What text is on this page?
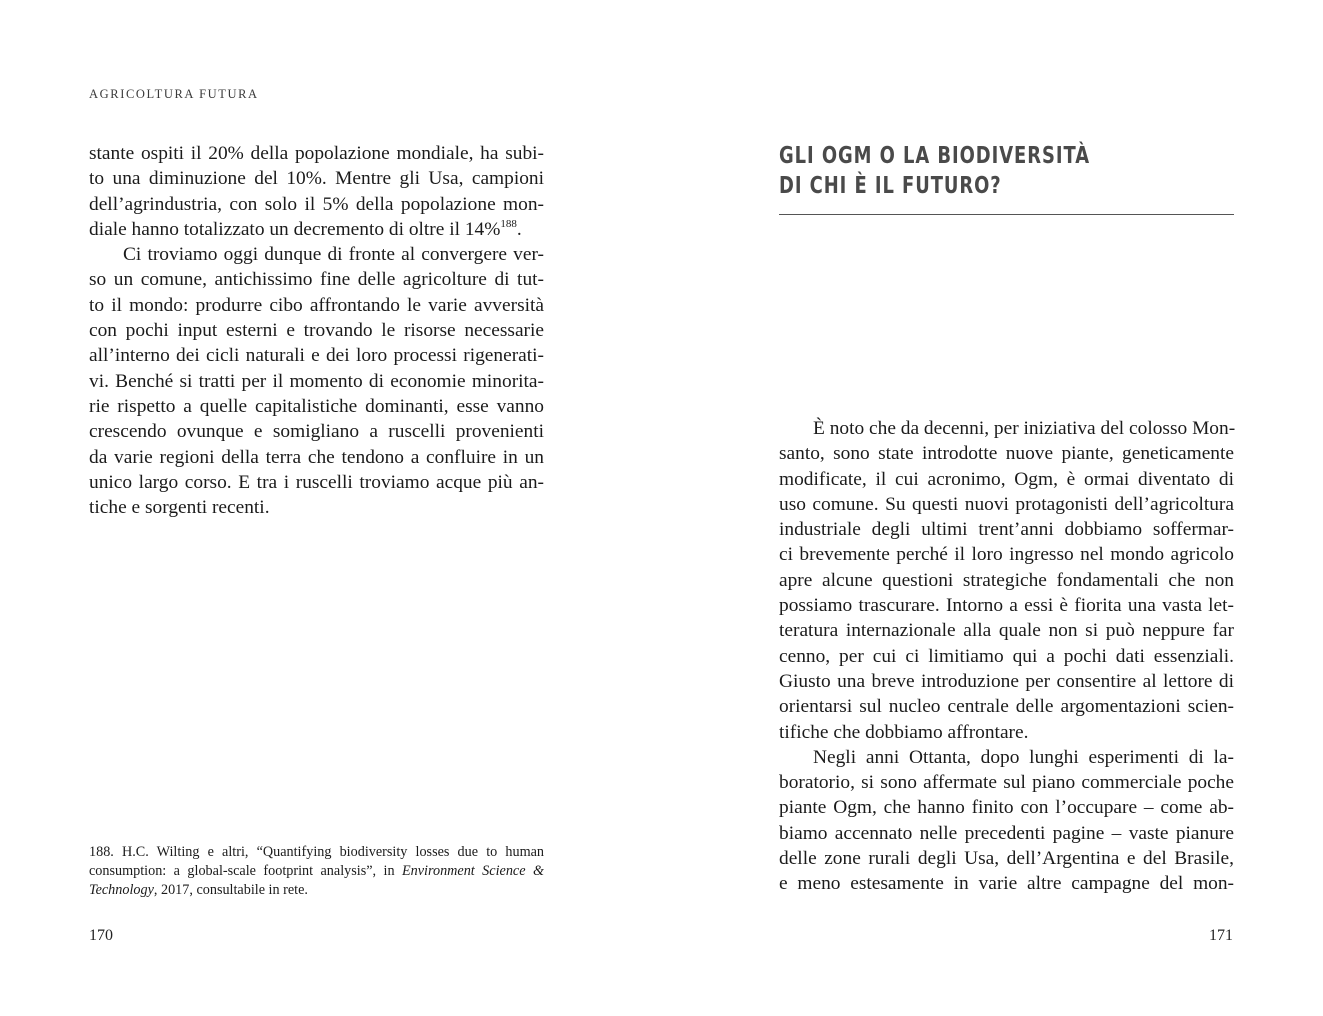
AGRICOLTURA FUTURA

stante ospiti il 20% della popolazione mondiale, ha subi-
to una diminuzione del 10%. Mentre gli Usa, campioni
dell’agrindustria, con solo il 5% della popolazione mon-
diale hanno totalizzato un decremento di oltre il 14%$^{188}$.

Ci troviamo oggi dunque di fronte al convergere ver-
so un comune, antichissimo fine delle agricolture di tut-
to il mondo: produrre cibo affrontando le varie avversità
con pochi input esterni e trovando le risorse necessarie
all’interno dei cicli naturali e dei loro processi rigenerati-
vi. Benché si tratti per il momento di economie minorita-
rie rispetto a quelle capitalistiche dominanti, esse vanno
crescendo ovunque e somigliano a ruscelli provenienti
da varie regioni della terra che tendono a confluire in un
unico largo corso. E tra i ruscelli troviamo acque più an-
tiche e sorgenti recenti.

188. H.C. Wilting e altri, “Quantifying biodiversity losses due to human
consumption: a global-scale footprint analysis”, in Environment Science &
Technology, 2017, consultabile in rete.
170
GLI OGM O LA BIODIVERSITÀ
DI CHI È IL FUTURO?

È noto che da decenni, per iniziativa del colosso Mon-
santo, sono state introdotte nuove piante, geneticamente
modificate, il cui acronimo, Ogm, è ormai diventato di
uso comune. Su questi nuovi protagonisti dell’agricoltura
industriale degli ultimi trent’anni dobbiamo soffermar-
ci brevemente perché il loro ingresso nel mondo agricolo
apre alcune questioni strategiche fondamentali che non
possiamo trascurare. Intorno a essi è fiorita una vasta let-
teratura internazionale alla quale non si può neppure far
cenno, per cui ci limitiamo qui a pochi dati essenziali.
Giusto una breve introduzione per consentire al lettore di
orientarsi sul nucleo centrale delle argomentazioni scien-
tifiche che dobbiamo affrontare.

Negli anni Ottanta, dopo lunghi esperimenti di la-
boratorio, si sono affermate sul piano commerciale poche
piante Ogm, che hanno finito con l’occupare – come ab-
biamo accennato nelle precedenti pagine – vaste pianure
delle zone rurali degli Usa, dell’Argentina e del Brasile,
e meno estesamente in varie altre campagne del mon-

171
